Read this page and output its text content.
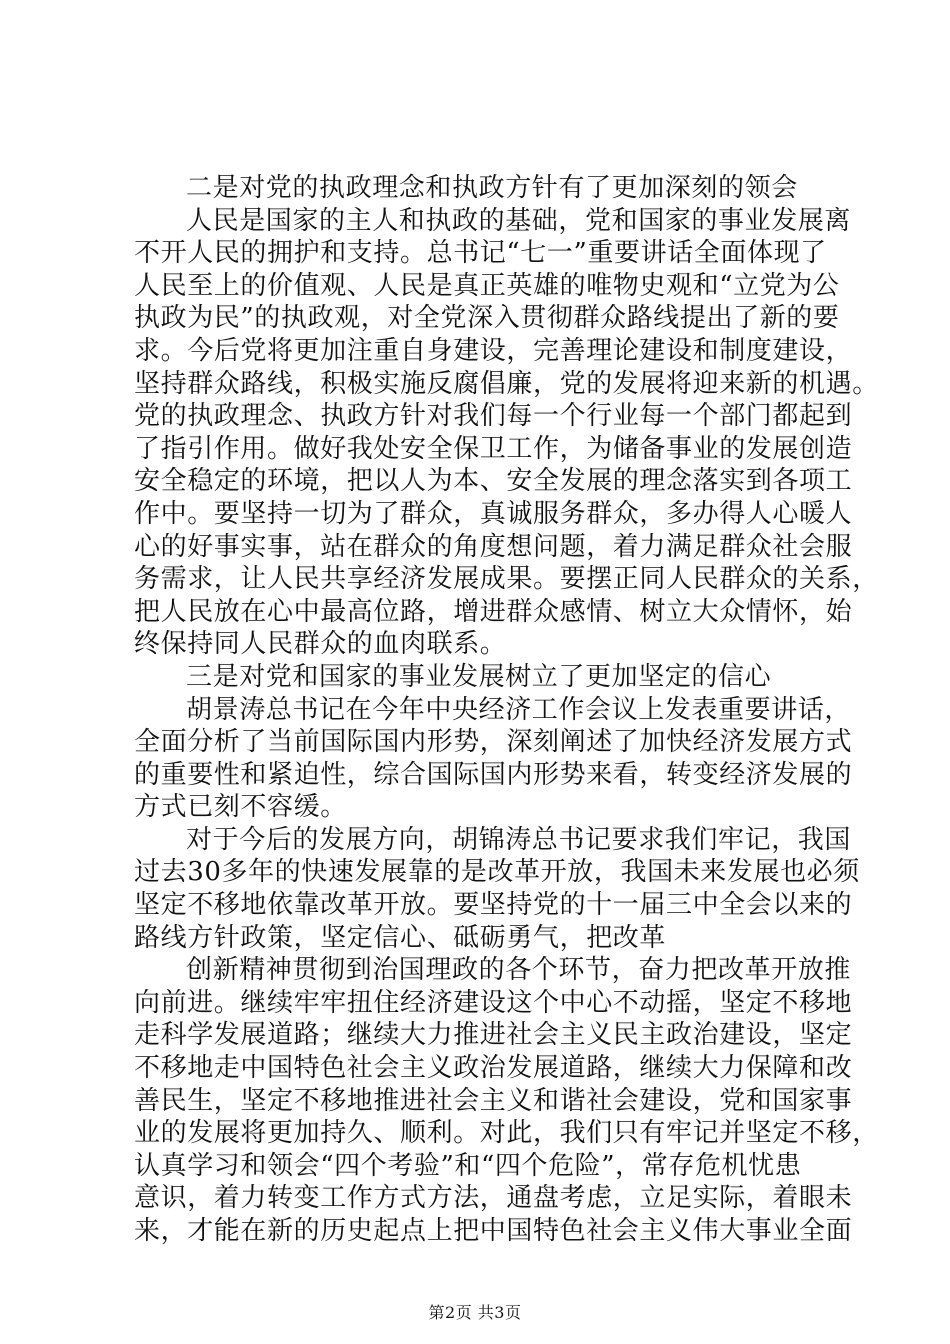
二是对党的执政理念和执政方针有了更加深刻的领会
人民是国家的主人和执政的基础，党和国家的事业发展离
不开人民的拥护和支持。总书记“七一”重要讲话全面体现了
人民至上的价值观、人民是真正英雄的唯物史观和“立党为公
执政为民”的执政观，对全党深入贯彻群众路线提出了新的要
求。今后党将更加注重自身建设，完善理论建设和制度建设，
坚持群众路线，积极实施反腐倡廉，党的发展将迎来新的机遇。
党的执政理念、执政方针对我们每一个行业每一个部门都起到
了指引作用。做好我处安全保卫工作，为储备事业的发展创造
安全稳定的环境，把以人为本、安全发展的理念落实到各项工
作中。要坚持一切为了群众，真诚服务群众，多办得人心暖人
心的好事实事，站在群众的角度想问题，着力满足群众社会服
务需求，让人民共享经济发展成果。要摆正同人民群众的关系，
把人民放在心中最高位路，增进群众感情、树立大众情怀，始
终保持同人民群众的血肉联系。
三是对党和国家的事业发展树立了更加坚定的信心
胡景涛总书记在今年中央经济工作会议上发表重要讲话，
全面分析了当前国际国内形势，深刻阐述了加快经济发展方式
的重要性和紧迫性，综合国际国内形势来看，转变经济发展的
方式已刻不容缓。
对于今后的发展方向，胡锦涛总书记要求我们牢记，我国
过去30多年的快速发展靠的是改革开放，我国未来发展也必须
坚定不移地依靠改革开放。要坚持党的十一届三中全会以来的
路线方针政策，坚定信心、砥砺勇气，把改革
创新精神贯彻到治国理政的各个环节，奋力把改革开放推
向前进。继续牢牢扭住经济建设这个中心不动摇，坚定不移地
走科学发展道路；继续大力推进社会主义民主政治建设，坚定
不移地走中国特色社会主义政治发展道路，继续大力保障和改
善民生，坚定不移地推进社会主义和谐社会建设，党和国家事
业的发展将更加持久、顺利。对此，我们只有牢记并坚定不移，
认真学习和领会“四个考验”和“四个危险”，常存危机忧患
意识，着力转变工作方式方法，通盘考虑，立足实际，着眼未
来，才能在新的历史起点上把中国特色社会主义伟大事业全面
第2页 共3页
